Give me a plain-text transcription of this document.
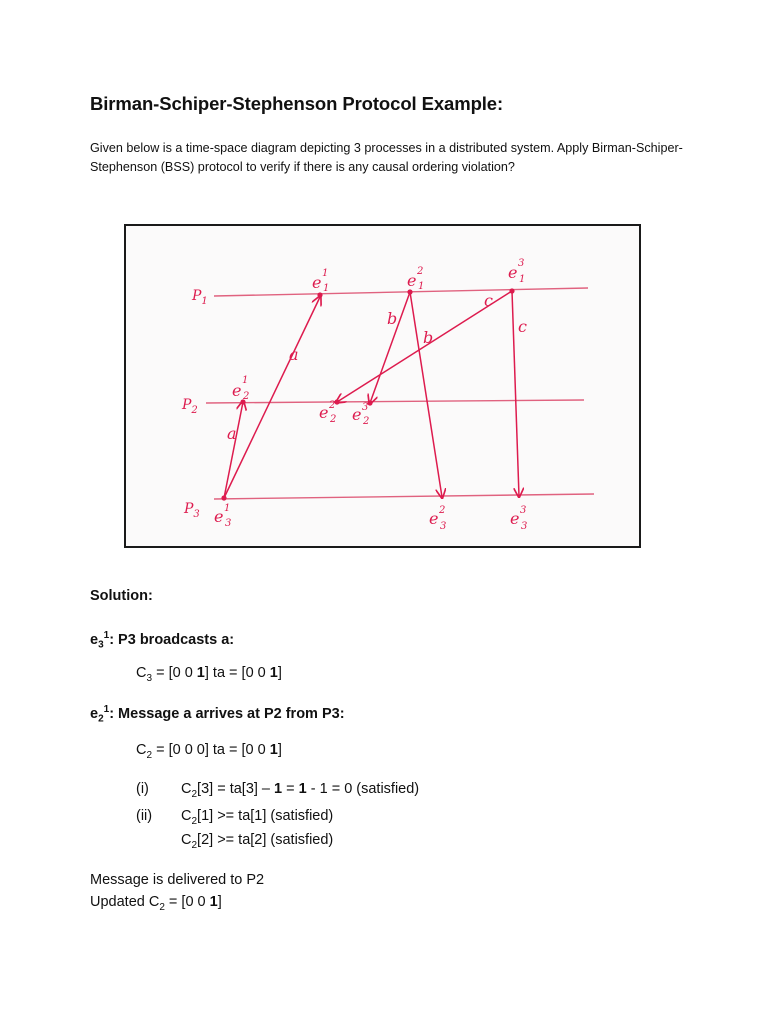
Birman-Schiper-Stephenson Protocol Example:
Given below is a time-space diagram depicting 3 processes in a distributed system. Apply Birman-Schiper-Stephenson (BSS) protocol to verify if there is any causal ordering violation?
$P_1$
$P_2$
$P_3$
e 1
1	e 2
1
e 3
1
e
1
2
e 2
2 e 3
2
e 1
3	e 2
3	e 3
3
a
a
b
b
c
c
Solution:
$e_3^1$: P3 broadcasts a:
$C_3 = [0$ 0 1] ta = [0 0 1]
$e_2^1$: Message a arrives at P2 from P3:
$C_2 = [0$ 0 0] ta = [0 0 1]
(i) $C_2[3] = ta[3] - 1 = 1 - 1 = 0$ (satisfied)
(ii) $C_2[1] >= ta[1]$ (satisfied)
$C_2[2] >= ta[2]$ (satisfied)
Message is delivered to P2
Updated $C_2 = [0$ 0 1]
